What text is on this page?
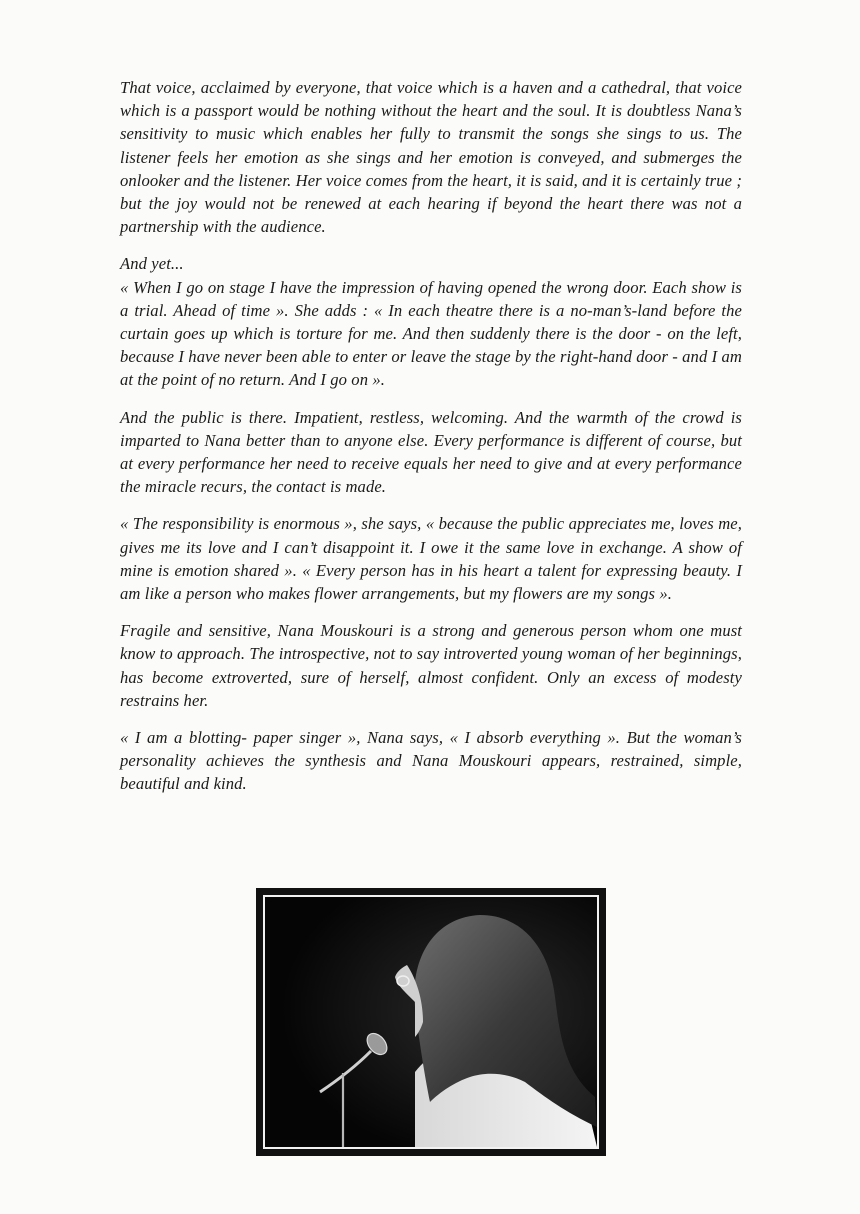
That voice, acclaimed by everyone, that voice which is a haven and a cathedral, that voice which is a passport would be nothing without the heart and the soul. It is doubtless Nana’s sensitivity to music which enables her fully to transmit the songs she sings to us. The listener feels her emotion as she sings and her emotion is conveyed, and submerges the onlooker and the listener. Her voice comes from the heart, it is said, and it is certainly true ; but the joy would not be renewed at each hearing if beyond the heart there was not a partnership with the audience.

And yet...
« When I go on stage I have the impression of having opened the wrong door. Each show is a trial. Ahead of time ». She adds : « In each theatre there is a no-man’s-land before the curtain goes up which is torture for me. And then suddenly there is the door - on the left, because I have never been able to enter or leave the stage by the right-hand door - and I am at the point of no return. And I go on ».

And the public is there. Impatient, restless, welcoming. And the warmth of the crowd is imparted to Nana better than to anyone else. Every performance is different of course, but at every performance her need to receive equals her need to give and at every performance the miracle recurs, the contact is made.

« The responsibility is enormous », she says, « because the public appreciates me, loves me, gives me its love and I can’t disappoint it. I owe it the same love in exchange. A show of mine is emotion shared ». « Every person has in his heart a talent for expressing beauty. I am like a person who makes flower arrangements, but my flowers are my songs ».

Fragile and sensitive, Nana Mouskouri is a strong and generous person whom one must know to approach. The introspective, not to say introverted young woman of her beginnings, has become extroverted, sure of herself, almost confident. Only an excess of modesty restrains her.

« I am a blotting- paper singer », Nana says, « I absorb everything ». But the woman’s personality achieves the synthesis and Nana Mouskouri appears, restrained, simple, beautiful and kind.
